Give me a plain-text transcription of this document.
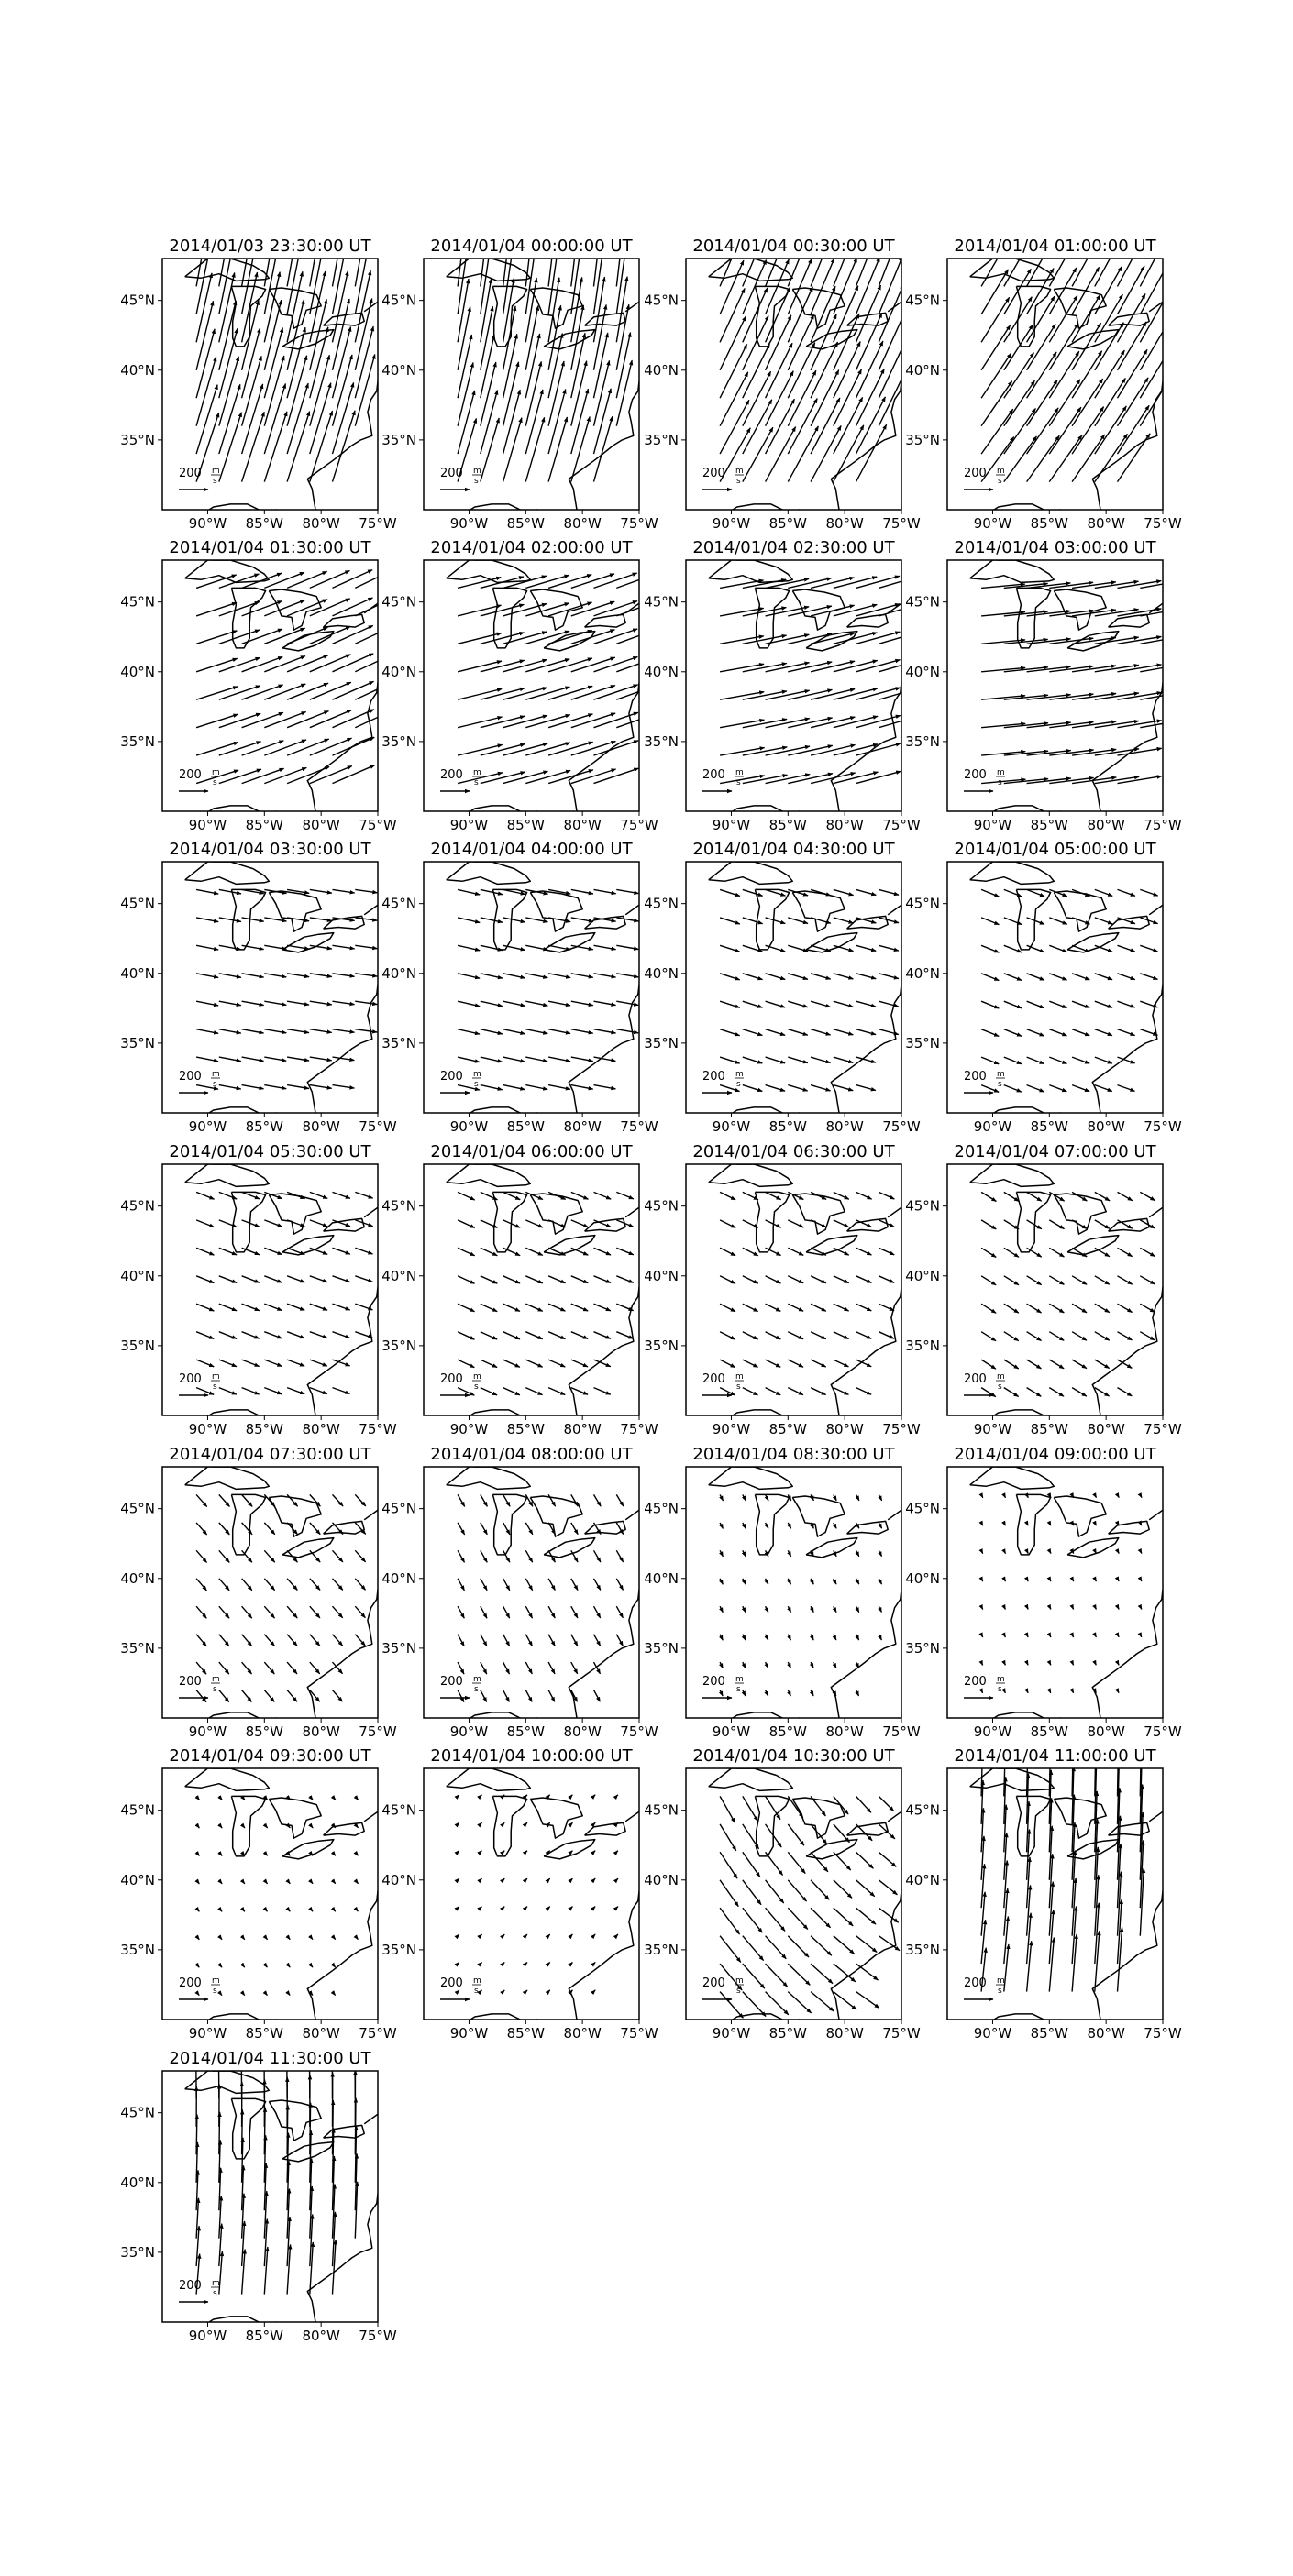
2014/01/03 23:30:00 UT
200 m
s
90°W 85°W 80°W 75°W
45°N
40°N
35°N
2014/01/04 00:00:00 UT
200 m
s
90°W 85°W 80°W 75°W
45°N
40°N
35°N
2014/01/04 00:30:00 UT
200 m
s
90°W 85°W 80°W 75°W
45°N
40°N
35°N
2014/01/04 01:00:00 UT
200 m
s
90°W 85°W 80°W 75°W
45°N
40°N
35°N
2014/01/04 01:30:00 UT
200 m
s
90°W 85°W 80°W 75°W
45°N
40°N
35°N
2014/01/04 02:00:00 UT
200 m
s
90°W 85°W 80°W 75°W
45°N
40°N
35°N
2014/01/04 02:30:00 UT
200 m
s
90°W 85°W 80°W 75°W
45°N
40°N
35°N
2014/01/04 03:00:00 UT
200 m
s
90°W 85°W 80°W 75°W
45°N
40°N
35°N
2014/01/04 03:30:00 UT
200 m
s
90°W 85°W 80°W 75°W
45°N
40°N
35°N
2014/01/04 04:00:00 UT
200 m
s
90°W 85°W 80°W 75°W
45°N
40°N
35°N
2014/01/04 04:30:00 UT
200 m
s
90°W 85°W 80°W 75°W
45°N
40°N
35°N
2014/01/04 05:00:00 UT
200 m
s
90°W 85°W 80°W 75°W
45°N
40°N
35°N
2014/01/04 05:30:00 UT
200 m
s
90°W 85°W 80°W 75°W
45°N
40°N
35°N
2014/01/04 06:00:00 UT
200 m
s
90°W 85°W 80°W 75°W
45°N
40°N
35°N
2014/01/04 06:30:00 UT
200 m
s
90°W 85°W 80°W 75°W
45°N
40°N
35°N
2014/01/04 07:00:00 UT
200 m
s
90°W 85°W 80°W 75°W
45°N
40°N
35°N
2014/01/04 07:30:00 UT
200 m
s
90°W 85°W 80°W 75°W
45°N
40°N
35°N
2014/01/04 08:00:00 UT
200 m
s
90°W 85°W 80°W 75°W
45°N
40°N
35°N
2014/01/04 08:30:00 UT
200 m
s
90°W 85°W 80°W 75°W
45°N
40°N
35°N
2014/01/04 09:00:00 UT
200 m
s
90°W 85°W 80°W 75°W
45°N
40°N
35°N
2014/01/04 09:30:00 UT
200 m
s
90°W 85°W 80°W 75°W
45°N
40°N
35°N
2014/01/04 10:00:00 UT
200 m
s
90°W 85°W 80°W 75°W
45°N
40°N
35°N
2014/01/04 10:30:00 UT
200 m
s
90°W 85°W 80°W 75°W
45°N
40°N
35°N
2014/01/04 11:00:00 UT
200 m
s
90°W 85°W 80°W 75°W
45°N
40°N
35°N
2014/01/04 11:30:00 UT
200 m
s
90°W 85°W 80°W 75°W
45°N
40°N
35°N
